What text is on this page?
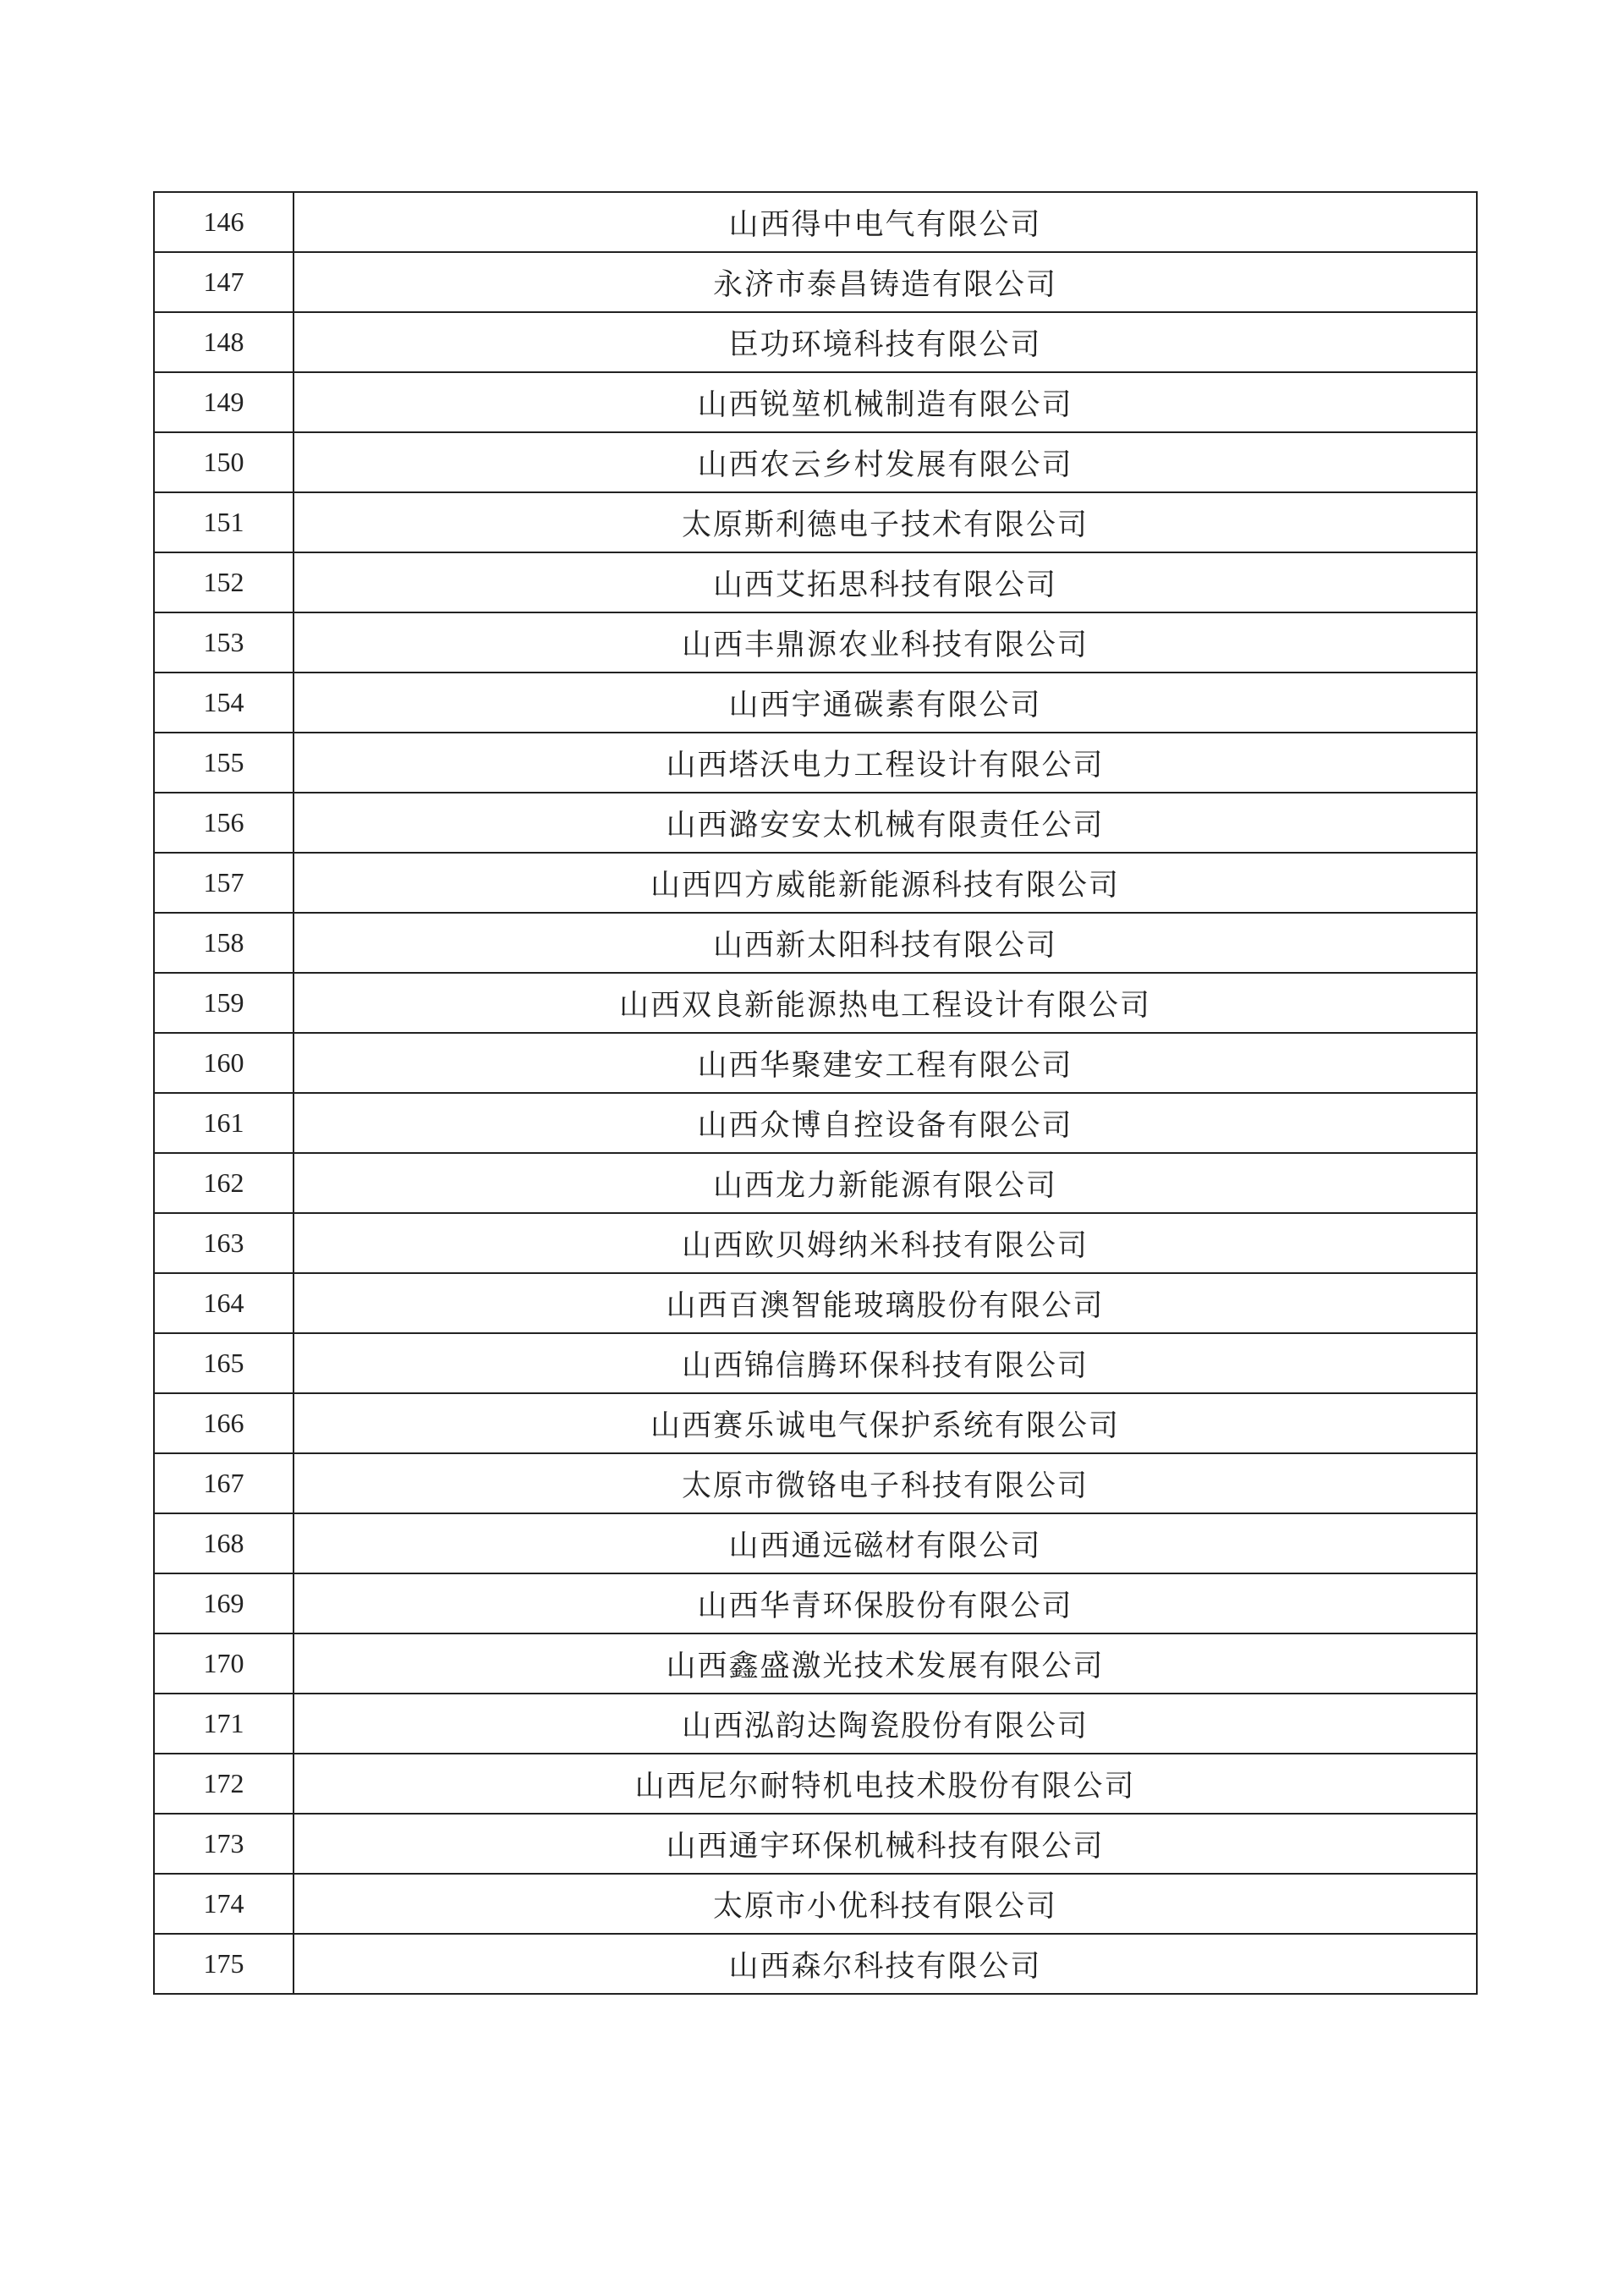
146	山西得中电气有限公司
147	永济市泰昌铸造有限公司
148	臣功环境科技有限公司
149	山西锐堃机械制造有限公司
150	山西农云乡村发展有限公司
151	太原斯利德电子技术有限公司
152	山西艾拓思科技有限公司
153	山西丰鼎源农业科技有限公司
154	山西宇通碳素有限公司
155	山西塔沃电力工程设计有限公司
156	山西潞安安太机械有限责任公司
157	山西四方威能新能源科技有限公司
158	山西新太阳科技有限公司
159	山西双良新能源热电工程设计有限公司
160	山西华聚建安工程有限公司
161	山西众博自控设备有限公司
162	山西龙力新能源有限公司
163	山西欧贝姆纳米科技有限公司
164	山西百澳智能玻璃股份有限公司
165	山西锦信腾环保科技有限公司
166	山西赛乐诚电气保护系统有限公司
167	太原市微铬电子科技有限公司
168	山西通远磁材有限公司
169	山西华青环保股份有限公司
170	山西鑫盛激光技术发展有限公司
171	山西泓韵达陶瓷股份有限公司
172	山西尼尔耐特机电技术股份有限公司
173	山西通宇环保机械科技有限公司
174	太原市小优科技有限公司
175	山西森尔科技有限公司
